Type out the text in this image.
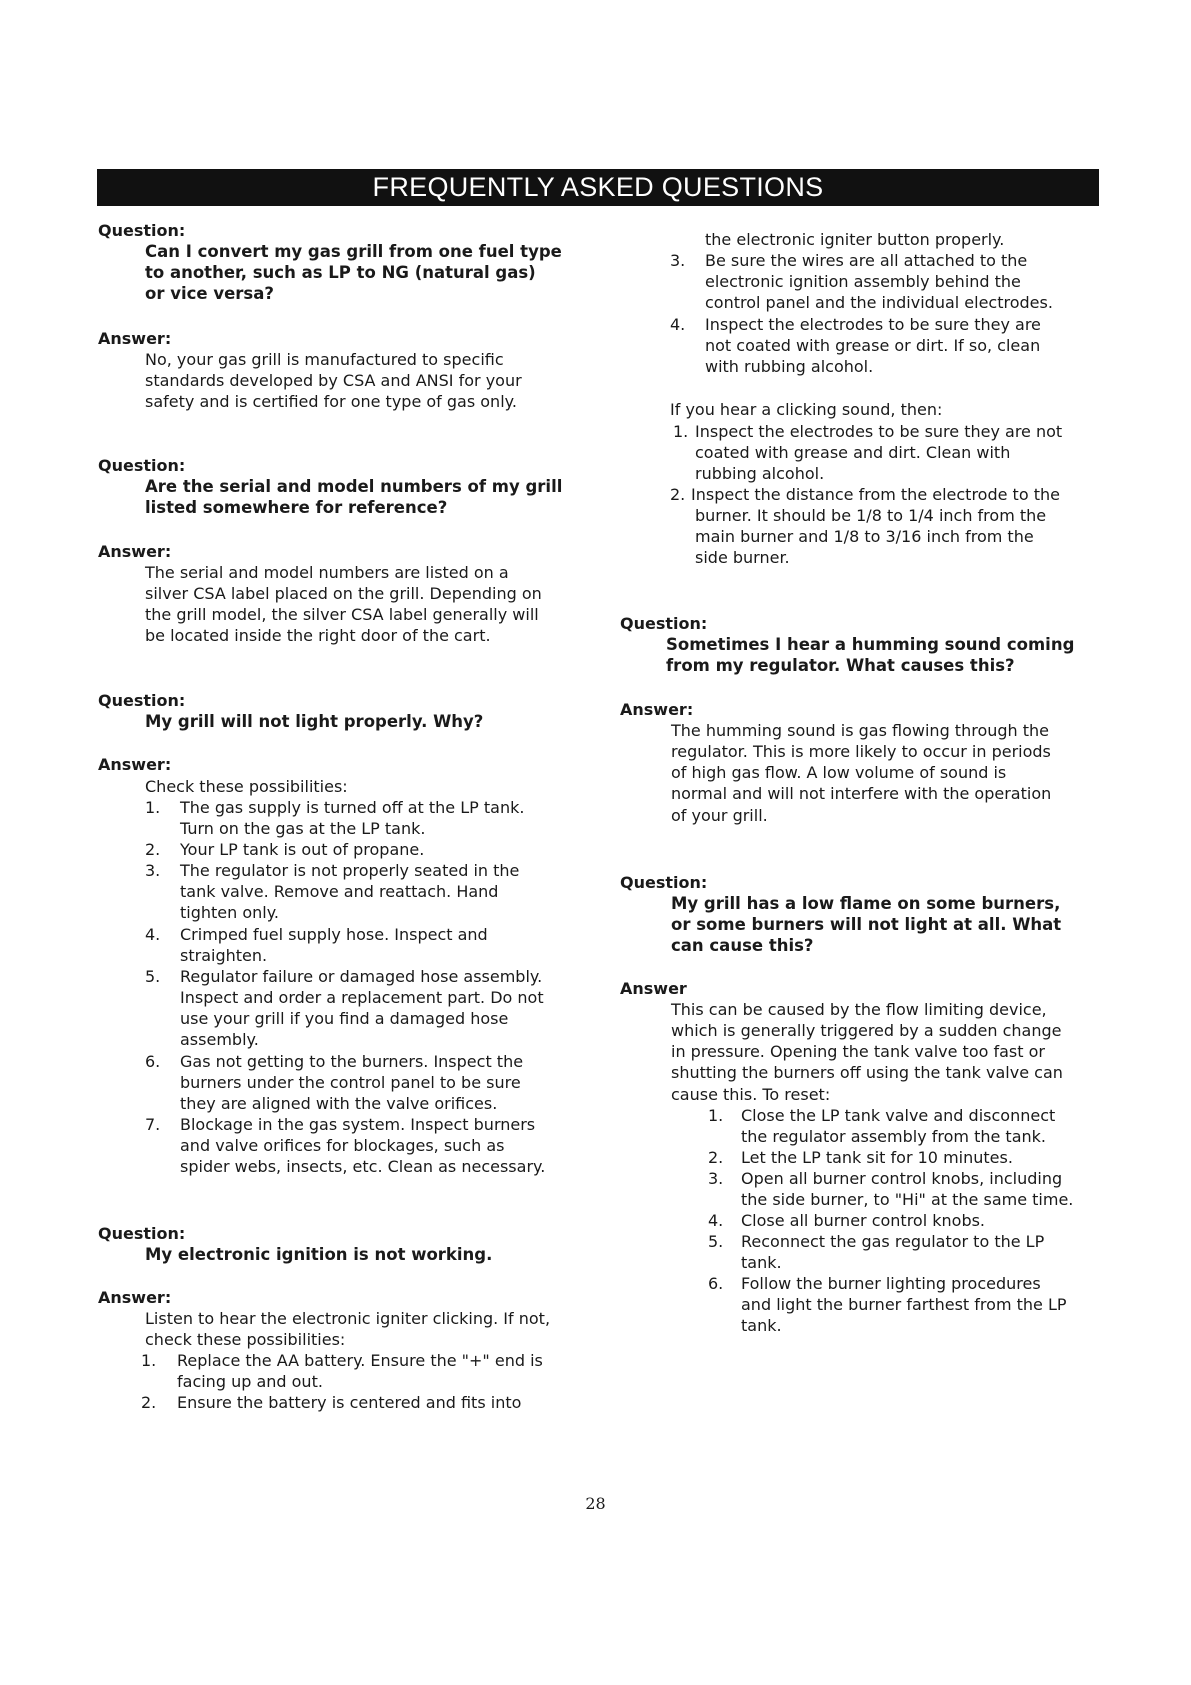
FREQUENTLY ASKED QUESTIONS
Question:
Can I convert my gas grill from one fuel type
to another, such as LP to NG (natural gas)
or vice versa?
Answer:
No, your gas grill is manufactured to specific
standards developed by CSA and ANSI for your
safety and is certified for one type of gas only.
Question:
Are the serial and model numbers of my grill
listed somewhere for reference?
Answer:
The serial and model numbers are listed on a
silver CSA label placed on the grill. Depending on
the grill model, the silver CSA label generally will
be located inside the right door of the cart.
Question:
My grill will not light properly. Why?
Answer:
Check these possibilities:
1. The gas supply is turned off at the LP tank.
Turn on the gas at the LP tank.
2. Your LP tank is out of propane.
3. The regulator is not properly seated in the
tank valve. Remove and reattach. Hand
tighten only.
4. Crimped fuel supply hose. Inspect and
straighten.
5. Regulator failure or damaged hose assembly.
Inspect and order a replacement part. Do not
use your grill if you find a damaged hose
assembly.
6. Gas not getting to the burners. Inspect the
burners under the control panel to be sure
they are aligned with the valve orifices.
7. Blockage in the gas system. Inspect burners
and valve orifices for blockages, such as
spider webs, insects, etc. Clean as necessary.
Question:
My electronic ignition is not working.
Answer:
Listen to hear the electronic igniter clicking. If not,
check these possibilities:
1. Replace the AA battery. Ensure the "+" end is
facing up and out.
2. Ensure the battery is centered and fits into
the electronic igniter button properly.
3. Be sure the wires are all attached to the
electronic ignition assembly behind the
control panel and the individual electrodes.
4. Inspect the electrodes to be sure they are
not coated with grease or dirt. If so, clean
with rubbing alcohol.
If you hear a clicking sound, then:
1. Inspect the electrodes to be sure they are not
coated with grease and dirt. Clean with
rubbing alcohol.
2. Inspect the distance from the electrode to the
burner. It should be 1/8 to 1/4 inch from the
main burner and 1/8 to 3/16 inch from the
side burner.
Question:
Sometimes I hear a humming sound coming
from my regulator. What causes this?
Answer:
The humming sound is gas flowing through the
regulator. This is more likely to occur in periods
of high gas flow. A low volume of sound is
normal and will not interfere with the operation
of your grill.
Question:
My grill has a low flame on some burners,
or some burners will not light at all. What
can cause this?
Answer
This can be caused by the flow limiting device,
which is generally triggered by a sudden change
in pressure. Opening the tank valve too fast or
shutting the burners off using the tank valve can
cause this. To reset:
1. Close the LP tank valve and disconnect
the regulator assembly from the tank.
2. Let the LP tank sit for 10 minutes.
3. Open all burner control knobs, including
the side burner, to "Hi" at the same time.
4. Close all burner control knobs.
5. Reconnect the gas regulator to the LP
tank.
6. Follow the burner lighting procedures
and light the burner farthest from the LP
tank.
28
